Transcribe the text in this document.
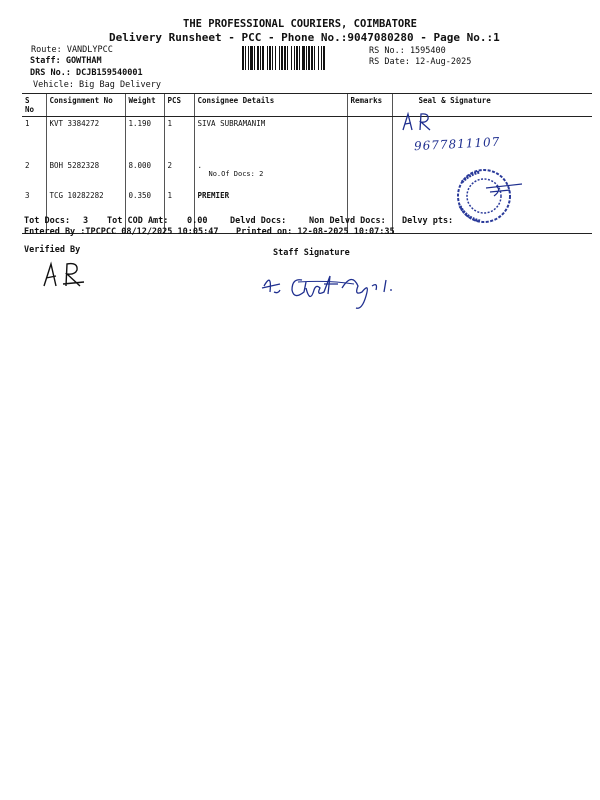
THE PROFESSIONAL COURIERS, COIMBATORE
Delivery Runsheet - PCC - Phone No.:9047080280 - Page No.:1
Route: VANDLYPCC
Staff: GOWTHAM
DRS No.: DCJB159540001
Vehicle: Big Bag Delivery
RS No.: 1595400
RS Date: 12-Aug-2025
S No	Consignment No	Weight	PCS	Consignee Details	Remarks	Seal & Signature
1	KVT 3384272	1.190	1	SIVA SUBRAMANIM		
2	BOH 5282328	8.000	2	.
No.Of Docs: 2		

3	TCG 10282282	0.350	1	PREMIER		
9677811107
Tot Docs: 3 Tot COD Amt: 0.00	Delvd Docs:	Non Delvd Docs: Delvy pts:
Entered By :TPCPCC 08/12/2025 10:05:47 Printed on: 12-08-2025 10:07:35
Verified By	Staff Signature
